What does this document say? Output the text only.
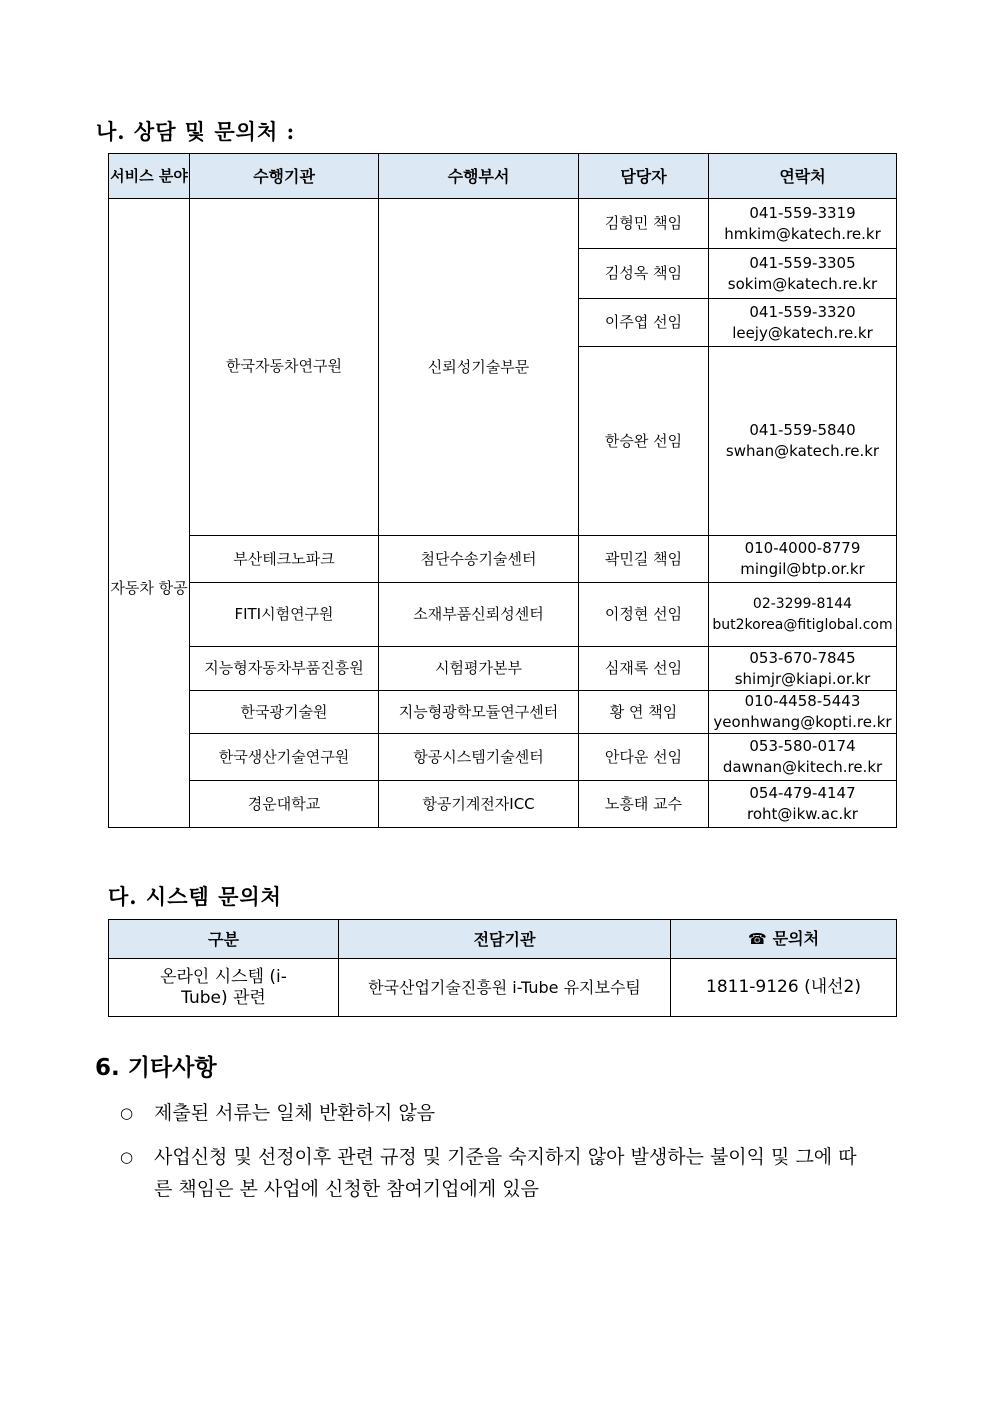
나. 상담 및 문의처 :
서비스 분야	수행기관	수행부서	담당자	연락처
자동차 항공	한국자동차연구원	신뢰성기술부문	김형민 책임	041-559-3319
hmkim@katech.re.kr

			김성옥 책임	041-559-3305
sokim@katech.re.kr

			이주엽 선임	041-559-3320
leejy@katech.re.kr

			한승완 선임	041-559-5840
swhan@katech.re.kr

	부산테크노파크	첨단수송기술센터	곽민길 책임	010-4000-8779
mingil@btp.or.kr

	FITI시험연구원	소재부품신뢰성센터	이정현 선임	02-3299-8144
but2korea@fitiglobal.com

	지능형자동차부품진흥원	시험평가본부	심재록 선임	053-670-7845
shimjr@kiapi.or.kr

	한국광기술원	지능형광학모듈연구센터	황 연 책임	010-4458-5443
yeonhwang@kopti.re.kr

	한국생산기술연구원	항공시스템기술센터	안다운 선임	053-580-0174
dawnan@kitech.re.kr

	경운대학교	항공기계전자ICC	노흥태 교수	054-479-4147
roht@ikw.ac.kr
다. 시스템 문의처
구분	전담기관	☎ 문의처
온라인 시스템 (i-Tube) 관련	한국산업기술진흥원 i-Tube 유지보수팀	1811-9126 (내선2)
6. 기타사항
○	제출된 서류는 일체 반환하지 않음
○	사업신청 및 선정이후 관련 규정 및 기준을 숙지하지 않아 발생하는 불이익 및 그에 따른 책임은 본 사업에 신청한 참여기업에게 있음
